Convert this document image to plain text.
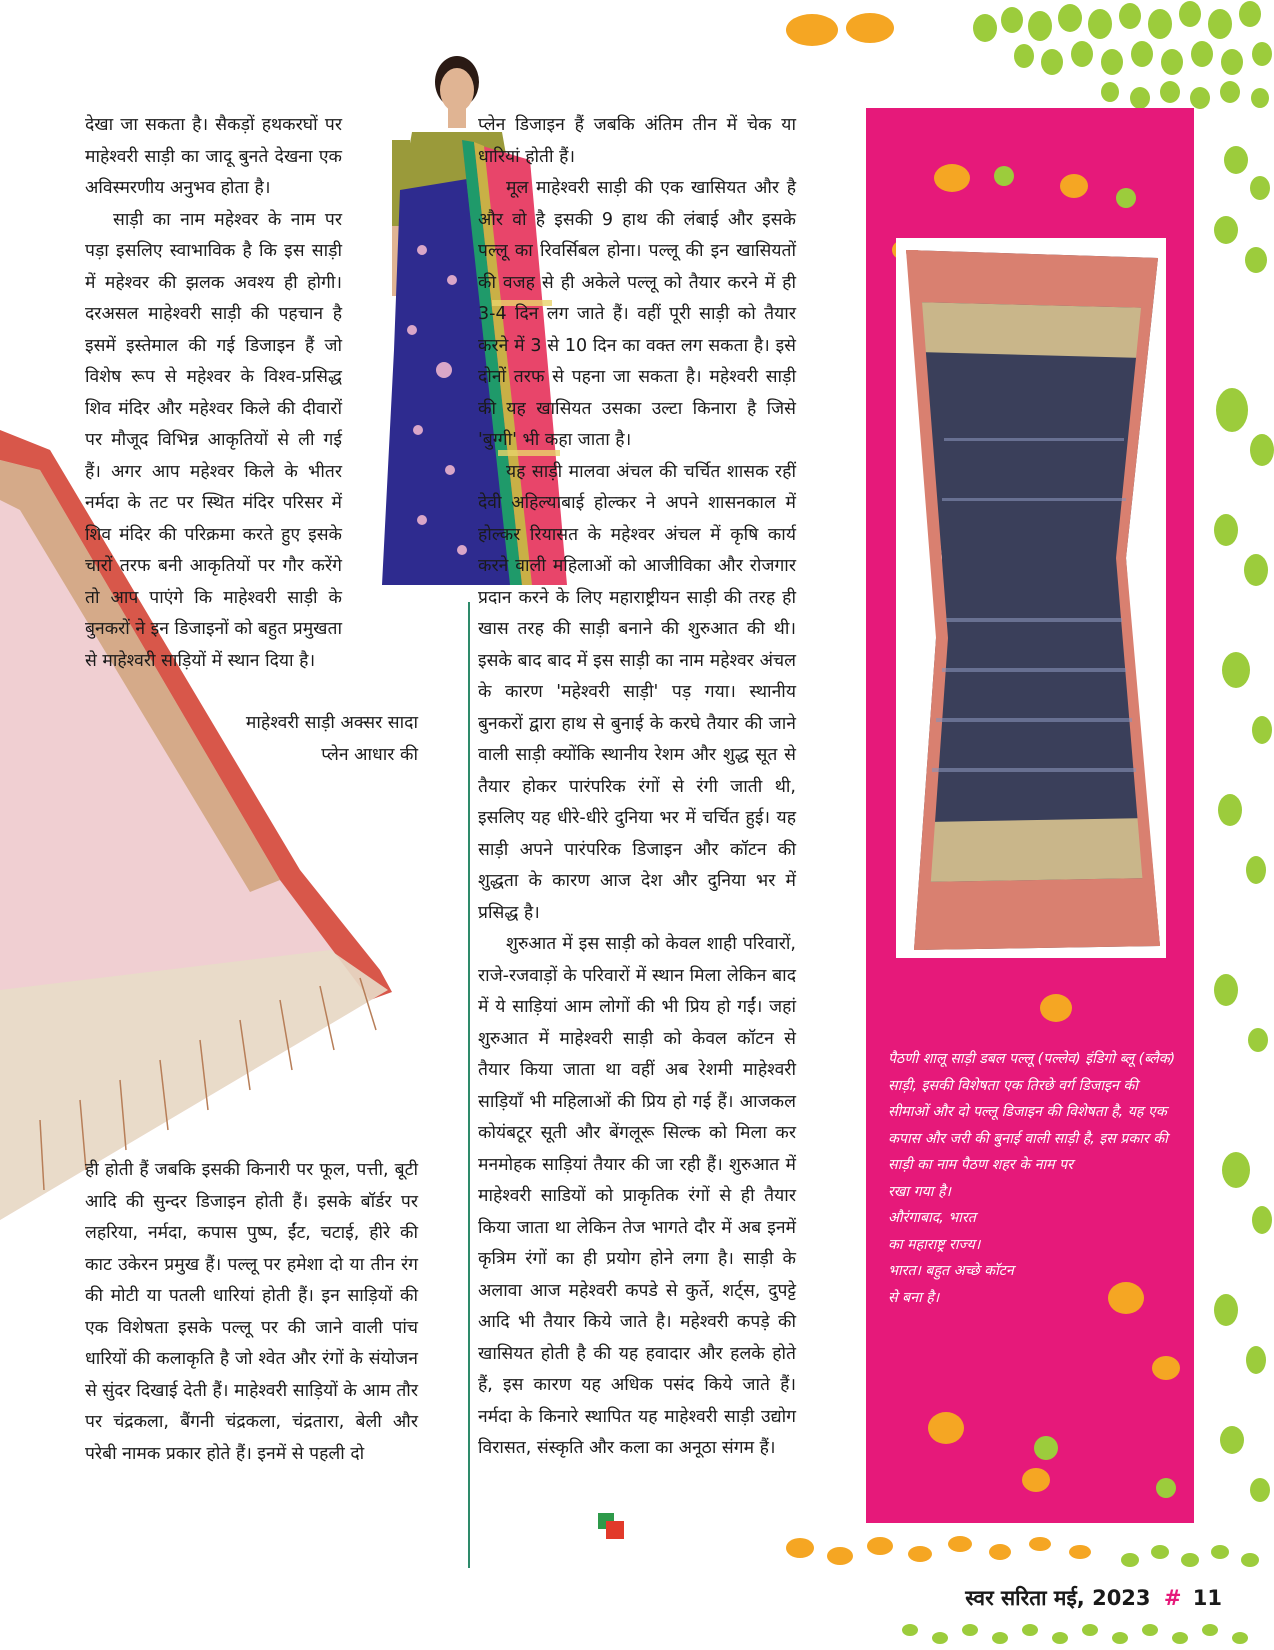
पैठणी शालू साड़ी डबल पल्लू (पल्लेव) इंडिगो ब्लू (ब्लैक) साड़ी, इसकी विशेषता एक तिरछे वर्ग डिजाइन की सीमाओं और दो पल्लू डिजाइन की विशेषता है, यह एक कपास और जरी की बुनाई वाली साड़ी है, इस प्रकार की साड़ी का नाम पैठण शहर के नाम पर

रखा गया है।

औरंगाबाद, भारत

का महाराष्ट्र राज्य।

भारत। बहुत अच्छे कॉटन

से बना है।

देखा जा सकता है। सैकड़ों हथकरघों पर माहेश्वरी साड़ी का जादू बुनते देखना एक अविस्मरणीय अनुभव होता है।

साड़ी का नाम महेश्वर के नाम पर पड़ा इसलिए स्वाभाविक है कि इस साड़ी में महेश्वर की झलक अवश्य ही होगी। दरअसल माहेश्वरी साड़ी की पहचान है इसमें इस्तेमाल की गई डिजाइन हैं जो विशेष रूप से महेश्वर के विश्व-प्रसिद्ध शिव मंदिर और महेश्वर किले की दीवारों पर मौजूद विभिन्न आकृतियों से ली गई हैं। अगर आप महेश्वर किले के भीतर नर्मदा के तट पर स्थित मंदिर परिसर में शिव मंदिर की परिक्रमा करते हुए इसके चारों तरफ बनी आकृतियों पर गौर करेंगे तो आप पाएंगे कि माहेश्वरी साड़ी के बुनकरों ने इन डिजाइनों को बहुत प्रमुखता से माहेश्वरी साड़ियों में स्थान दिया है।

माहेश्वरी साड़ी अक्सर सादा प्लेन आधार की

ही होती हैं जबकि इसकी किनारी पर फूल, पत्ती, बूटी आदि की सुन्दर डिजाइन होती हैं। इसके बॉर्डर पर लहरिया, नर्मदा, कपास पुष्प, ईंट, चटाई, हीरे की काट उकेरन प्रमुख हैं। पल्लू पर हमेशा दो या तीन रंग की मोटी या पतली धारियां होती हैं। इन साड़ियों की एक विशेषता इसके पल्लू पर की जाने वाली पांच धारियों की कलाकृति है जो श्वेत और रंगों के संयोजन से सुंदर दिखाई देती हैं। माहेश्वरी साड़ियों के आम तौर पर चंद्रकला, बैंगनी चंद्रकला, चंद्रतारा, बेली और परेबी नामक प्रकार होते हैं। इनमें से पहली दो

प्लेन डिजाइन हैं जबकि अंतिम तीन में चेक या धारियां होती हैं।

मूल माहेश्वरी साड़ी की एक खासियत और है और वो है इसकी 9 हाथ की लंबाई और इसके पल्लू का रिवर्सिबल होना। पल्लू की इन खासियतों की वजह से ही अकेले पल्लू को तैयार करने में ही 3-4 दिन लग जाते हैं। वहीं पूरी साड़ी को तैयार करने में 3 से 10 दिन का वक्त लग सकता है। इसे दोनों तरफ से पहना जा सकता है। महेश्वरी साड़ी की यह खासियत उसका उल्टा किनारा है जिसे 'बुग्गी' भी कहा जाता है।

यह साड़ी मालवा अंचल की चर्चित शासक रहीं देवी अहिल्याबाई होल्कर ने अपने शासनकाल में होल्कर रियासत के महेश्वर अंचल में कृषि कार्य करने वाली महिलाओं को आजीविका और रोजगार प्रदान करने के लिए महाराष्ट्रीयन साड़ी की तरह ही खास तरह की साड़ी बनाने की शुरुआत की थी। इसके बाद बाद में इस साड़ी का नाम महेश्वर अंचल के कारण 'महेश्वरी साड़ी' पड़ गया। स्थानीय बुनकरों द्वारा हाथ से बुनाई के करघे तैयार की जाने वाली साड़ी क्योंकि स्थानीय रेशम और शुद्ध सूत से तैयार होकर पारंपरिक रंगों से रंगी जाती थी, इसलिए यह धीरे-धीरे दुनिया भर में चर्चित हुई। यह साड़ी अपने पारंपरिक डिजाइन और कॉटन की शुद्धता के कारण आज देश और दुनिया भर में प्रसिद्ध है।

शुरुआत में इस साड़ी को केवल शाही परिवारों, राजे-रजवाड़ों के परिवारों में स्थान मिला लेकिन बाद में ये साड़ियां आम लोगों की भी प्रिय हो गईं। जहां शुरुआत में माहेश्वरी साड़ी को केवल कॉटन से तैयार किया जाता था वहीं अब रेशमी माहेश्वरी साड़ियाँ भी महिलाओं की प्रिय हो गई हैं। आजकल कोयंबटूर सूती और बेंगलूरू सिल्क को मिला कर मनमोहक साड़ियां तैयार की जा रही हैं। शुरुआत में माहेश्वरी साडियों को प्राकृतिक रंगों से ही तैयार किया जाता था लेकिन तेज भागते दौर में अब इनमें कृत्रिम रंगों का ही प्रयोग होने लगा है। साड़ी के अलावा आज महेश्वरी कपडे से कुर्ते, शर्ट्स, दुपट्टे आदि भी तैयार किये जाते है। महेश्वरी कपड़े की खासियत होती है की यह हवादार और हलके होते हैं, इस कारण यह अधिक पसंद किये जाते हैं। नर्मदा के किनारे स्थापित यह माहेश्वरी साड़ी उद्योग विरासत, संस्कृति और कला का अनूठा संगम हैं।

स्वर सरिता मई, 2023 # 11
